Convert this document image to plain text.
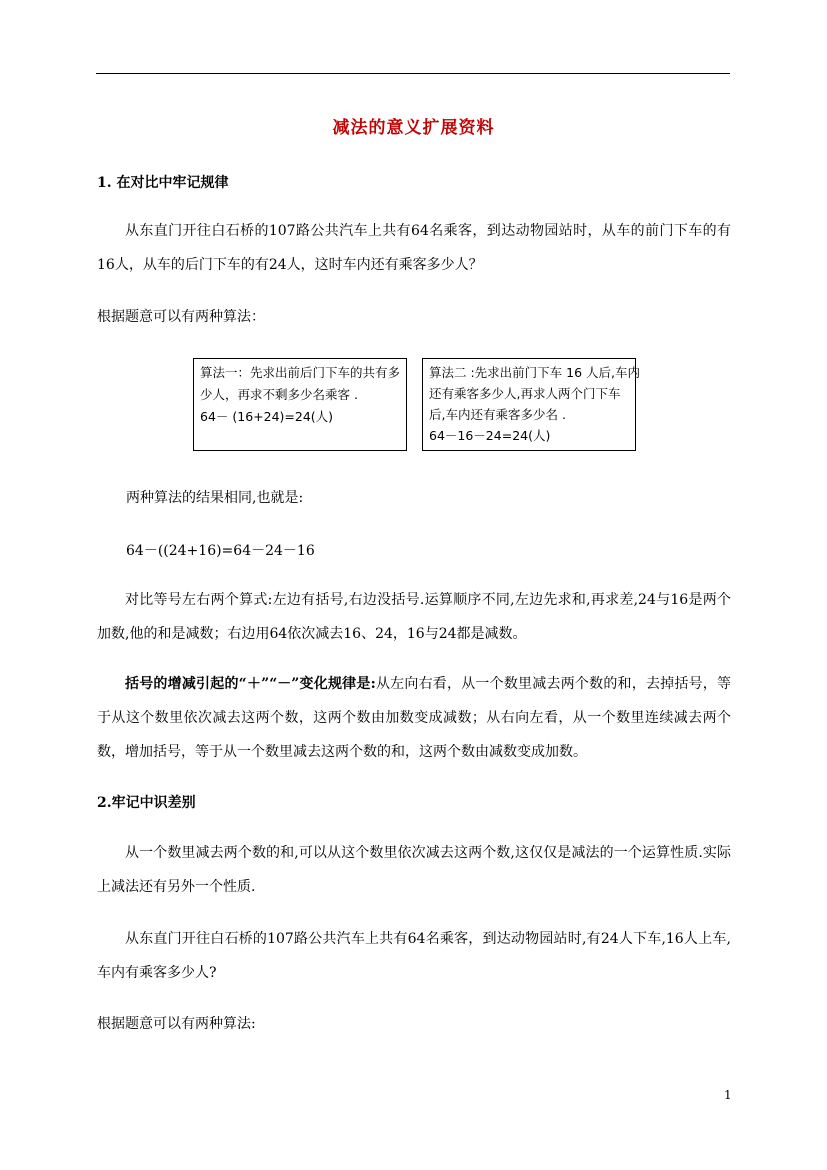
减法的意义扩展资料
1. 在对比中牢记规律
从东直门开往白石桥的107路公共汽车上共有64名乘客，到达动物园站时，从车的前门下车的有16人，从车的后门下车的有24人，这时车内还有乘客多少人？
根据题意可以有两种算法：
算法一：先求出前后门下车的共有多
少人，再求不剩多少名乘客 .
64－ (16+24)=24(人)
算法二 :先求出前门下车 16 人后,车内
还有乘客多少人,再求人两个门下车
后,车内还有乘客多少名 .
64－16－24=24(人)
两种算法的结果相同,也就是:
64－((24+16)=64－24－16
对比等号左右两个算式:左边有括号,右边没括号.运算顺序不同,左边先求和,再求差,24与16是两个加数,他的和是减数；右边用64依次减去16、24，16与24都是减数。
括号的增减引起的“＋”“－”变化规律是:从左向右看，从一个数里减去两个数的和，去掉括号，等于从这个数里依次减去这两个数，这两个数由加数变成减数；从右向左看，从一个数里连续减去两个数，增加括号，等于从一个数里减去这两个数的和，这两个数由减数变成加数。
2.牢记中识差别
从一个数里减去两个数的和,可以从这个数里依次减去这两个数,这仅仅是减法的一个运算性质.实际上减法还有另外一个性质.
从东直门开往白石桥的107路公共汽车上共有64名乘客，到达动物园站时,有24人下车,16人上车,车内有乘客多少人?
根据题意可以有两种算法:
1
